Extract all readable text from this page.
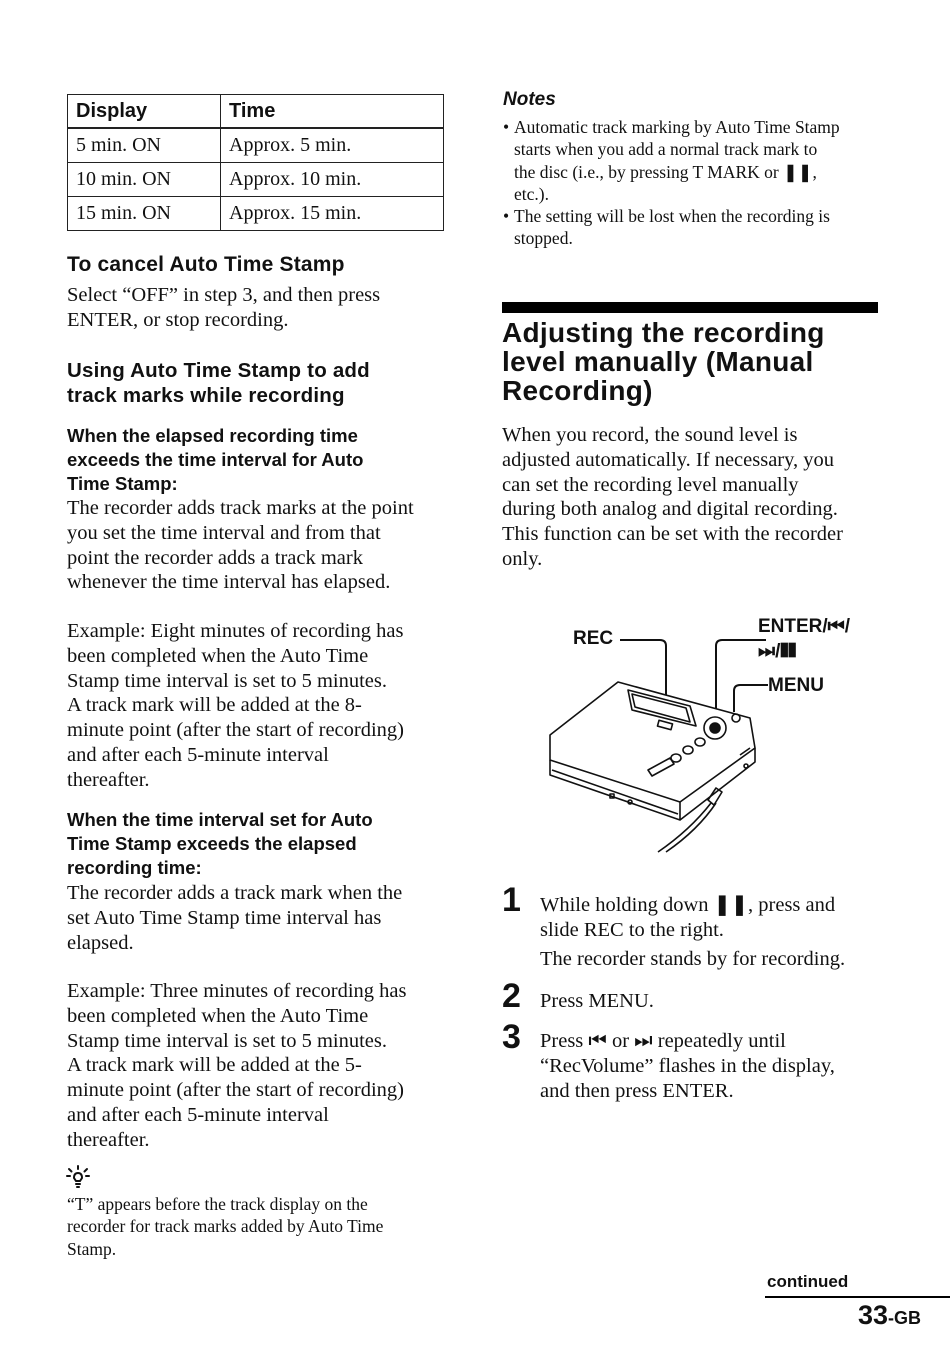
Display	Time
5 min. ON	Approx. 5 min.
10 min. ON	Approx. 10 min.
15 min. ON	Approx. 15 min.
To cancel Auto Time Stamp
Select “OFF” in step 3, and then press
ENTER, or stop recording.
Using Auto Time Stamp to add
track marks while recording
When the elapsed recording time
exceeds the time interval for Auto
Time Stamp:
The recorder adds track marks at the point
you set the time interval and from that
point the recorder adds a track mark
whenever the time interval has elapsed.
Example: Eight minutes of recording has
been completed when the Auto Time
Stamp time interval is set to 5 minutes.
A track mark will be added at the 8-
minute point (after the start of recording)
and after each 5-minute interval
thereafter.
When the time interval set for Auto
Time Stamp exceeds the elapsed
recording time:
The recorder adds a track mark when the
set Auto Time Stamp time interval has
elapsed.
Example: Three minutes of recording has
been completed when the Auto Time
Stamp time interval is set to 5 minutes.
A track mark will be added at the 5-
minute point (after the start of recording)
and after each 5-minute interval
thereafter.
“T” appears before the track display on the
recorder for track marks added by Auto Time
Stamp.
Notes
• Automatic track marking by Auto Time Stamp
starts when you add a normal track mark to
the disc (i.e., by pressing T MARK or ❚❚,
etc.).
• The setting will be lost when the recording is
stopped.
Adjusting the recording
level manually (Manual
Recording)
When you record, the sound level is
adjusted automatically. If necessary, you
can set the recording level manually
during both analog and digital recording.
This function can be set with the recorder
only.
REC
ENTER/⏮/
⏭/❚❚
MENU
1 While holding down ❚❚, press and
slide REC to the right.
The recorder stands by for recording.
2 Press MENU.
3 Press ⏮ or ⏭ repeatedly until
“RecVolume” flashes in the display,
and then press ENTER.
continued
33-GB
